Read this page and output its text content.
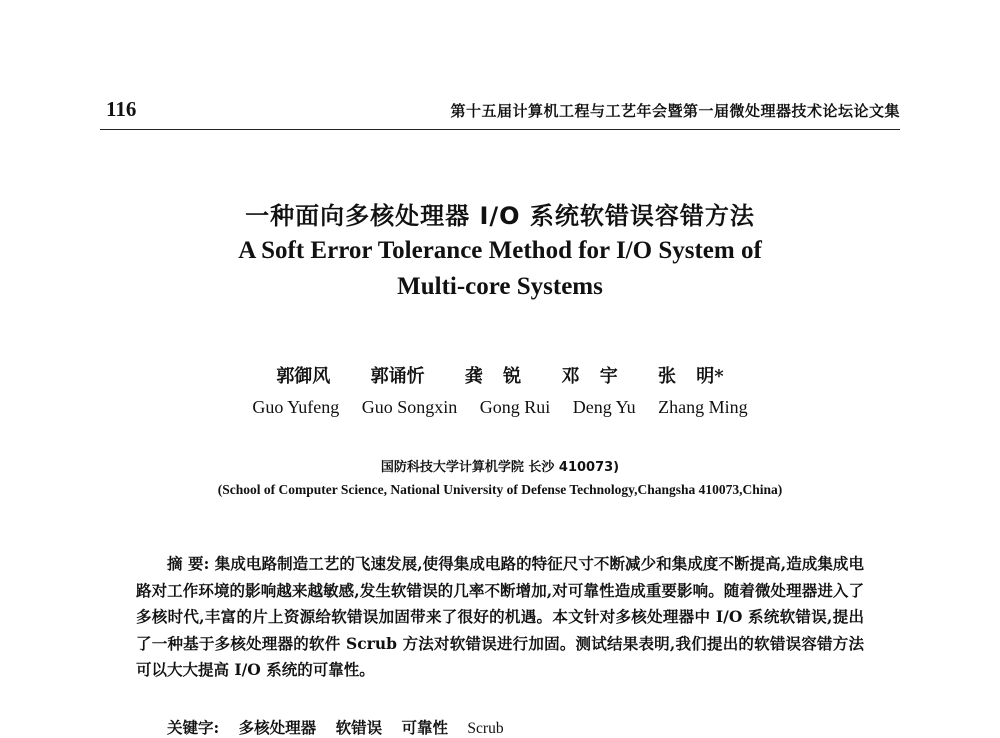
116	第十五届计算机工程与工艺年会暨第一届微处理器技术论坛论文集
一种面向多核处理器 I/O 系统软错误容错方法
A Soft Error Tolerance Method for I/O System of
Multi-core Systems
郭御风 郭诵忻 龚 锐 邓 宇 张 明*
Guo Yufeng Guo Songxin Gong Rui Deng Yu Zhang Ming
国防科技大学计算机学院 长沙 410073)
(School of Computer Science, National University of Defense Technology,Changsha 410073,China)
摘 要: 集成电路制造工艺的飞速发展,使得集成电路的特征尺寸不断减少和集成度不断提高,造成集成电路对工作环境的影响越来越敏感,发生软错误的几率不断增加,对可靠性造成重要影响。随着微处理器进入了多核时代,丰富的片上资源给软错误加固带来了很好的机遇。本文针对多核处理器中 I/O 系统软错误,提出了一种基于多核处理器的软件 Scrub 方法对软错误进行加固。测试结果表明,我们提出的软错误容错方法可以大大提高 I/O 系统的可靠性。
关键字: 多核处理器 软错误 可靠性 Scrub
